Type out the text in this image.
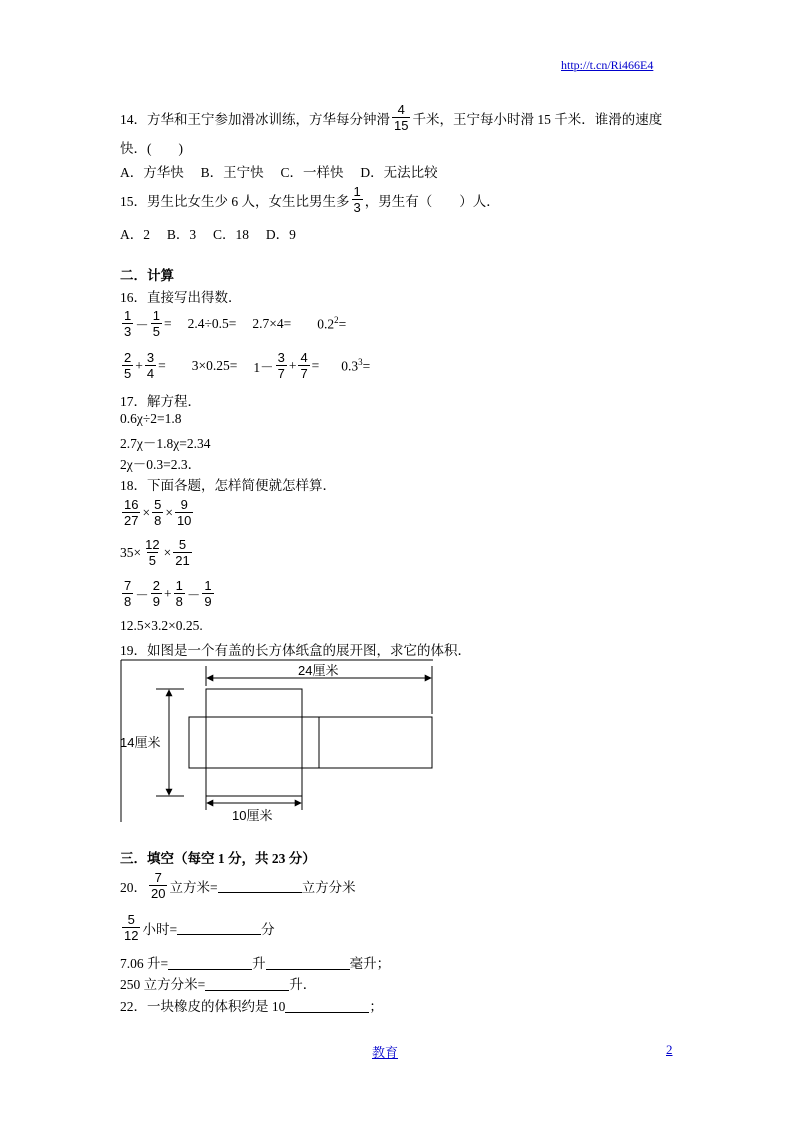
http://t.cn/Ri466E4
14．方华和王宁参加滑冰训练，方华每分钟滑 $\frac{4}{15}$ 千米，王宁每小时滑 15 千米．谁滑的速度
快．(　　)
A．方华快　 B．王宁快　 C．一样快　 D．无法比较
15．男生比女生少 6 人，女生比男生多 $\frac{1}{3}$ ，男生有（　　）人．
A．2　 B．3　 C．18　 D．9
二．计算
16．直接写出得数．
$\frac{1}{3} - \frac{1}{5} = 2.4\div 0.5= 2.7\times 4= 0.2^2=$
$\frac{2}{5} + \frac{3}{4} = 3\times 0.25= 1- \frac{3}{7} + \frac{4}{7} = 0.3^3=$
17．解方程．
0.6χ÷2=1.8
2.7χ－1.8χ=2.34
2χ－0.3=2.3．
18．下面各题，怎样简便就怎样算．
$\frac{16}{27} \times \frac{5}{8} \times \frac{9}{10}$
$35\times \frac{12}{5} \times \frac{5}{21}$
$\frac{7}{8} - \frac{2}{9} + \frac{1}{8} - \frac{1}{9}$
12.5×3.2×0.25.
19．如图是一个有盖的长方体纸盒的展开图，求它的体积．
24厘米
14厘米
10厘米
三．填空（每空 1 分，共 23 分）
20． $\frac{7}{20}$ 立方米=	立方分米
$\frac{5}{12}$ 小时=	分
7.06 升=	升	毫升；
250 立方分米=	升．
22．一块橡皮的体积约是 10	；
教育	2
